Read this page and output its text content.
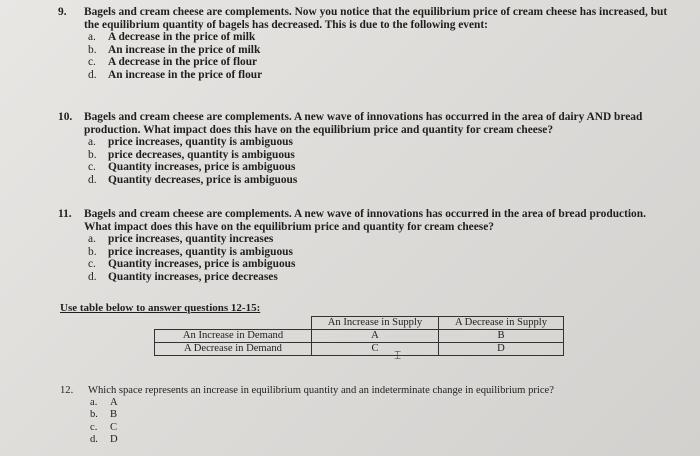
9. Bagels and cream cheese are complements. Now you notice that the equilibrium price of cream cheese has increased, but the equilibrium quantity of bagels has decreased. This is due to the following event:
a. A decrease in the price of milk
b. An increase in the price of milk
c. A decrease in the price of flour
d. An increase in the price of flour
10. Bagels and cream cheese are complements. A new wave of innovations has occurred in the area of dairy AND bread production. What impact does this have on the equilibrium price and quantity for cream cheese?
a. price increases, quantity is ambiguous
b. price decreases, quantity is ambiguous
c. Quantity increases, price is ambiguous
d. Quantity decreases, price is ambiguous
11. Bagels and cream cheese are complements. A new wave of innovations has occurred in the area of bread production. What impact does this have on the equilibrium price and quantity for cream cheese?
a. price increases, quantity increases
b. price increases, quantity is ambiguous
c. Quantity increases, price is ambiguous
d. Quantity increases, price decreases
Use table below to answer questions 12-15:
	An Increase in Supply	A Decrease in Supply
An Increase in Demand	A	B
A Decrease in Demand	C	D
⌶
12. Which space represents an increase in equilibrium quantity and an indeterminate change in equilibrium price?
a. A
b. B
c. C
d. D
